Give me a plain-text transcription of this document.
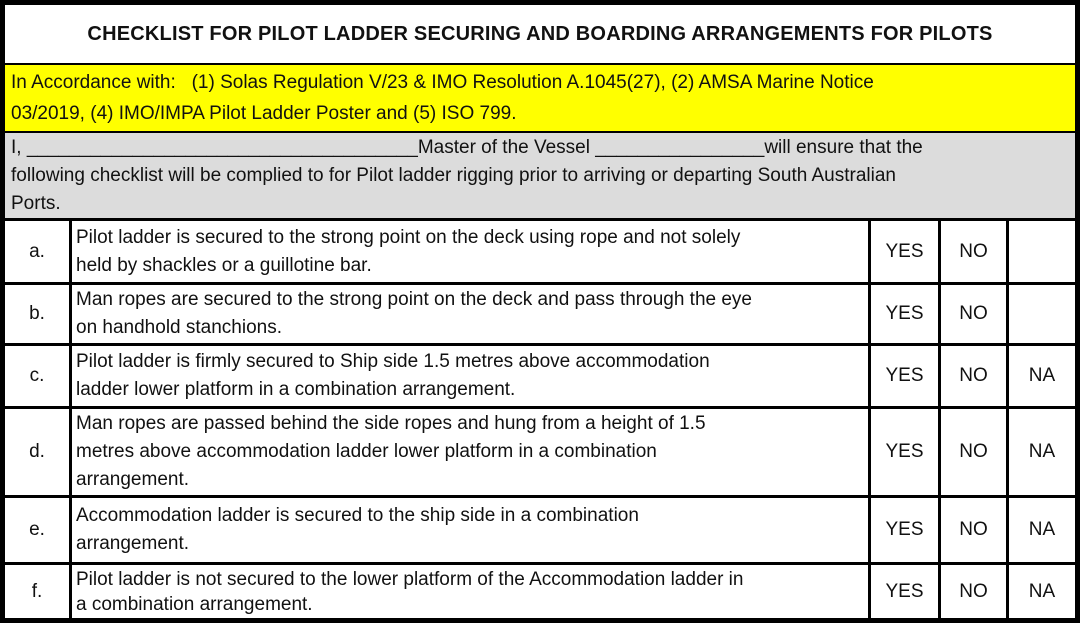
CHECKLIST FOR PILOT LADDER SECURING AND BOARDING ARRANGEMENTS FOR PILOTS
In Accordance with:   (1) Solas Regulation V/23 & IMO Resolution A.1045(27), (2) AMSA Marine Notice
03/2019, (4) IMO/IMPA Pilot Ladder Poster and (5) ISO 799.
I, _____________________________________Master of the Vessel ________________will ensure that the
following checklist will be complied to for Pilot ladder rigging prior to arriving or departing South Australian
Ports.
a.
Pilot ladder is secured to the strong point on the deck using rope and not solely
held by shackles or a guillotine bar.
YES	NO
b.
Man ropes are secured to the strong point on the deck and pass through the eye
on handhold stanchions.
YES	NO
c.
Pilot ladder is firmly secured to Ship side 1.5 metres above accommodation
ladder lower platform in a combination arrangement.
YES	NO	NA
d.
Man ropes are passed behind the side ropes and hung from a height of 1.5
metres above accommodation ladder lower platform in a combination
arrangement.
YES	NO	NA
e.
Accommodation ladder is secured to the ship side in a combination
arrangement.
YES	NO	NA
f.
Pilot ladder is not secured to the lower platform of the Accommodation ladder in
a combination arrangement.
YES	NO	NA
